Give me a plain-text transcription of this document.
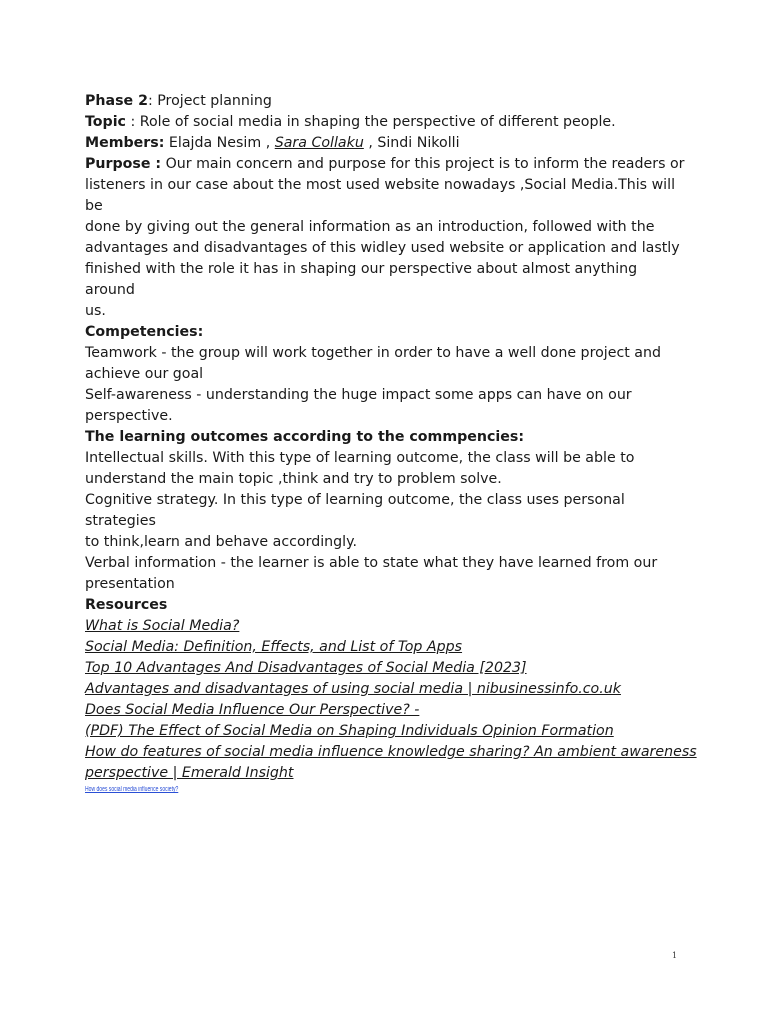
Phase 2: Project planning

Topic : Role of social media in shaping the perspective of different people.

Members: Elajda Nesim , Sara Collaku , Sindi Nikolli

Purpose : Our main concern and purpose for this project is to inform the readers or

listeners in our case about the most used website nowadays ,Social Media.This will be

done by giving out the general information as an introduction, followed with the

advantages and disadvantages of this widley used website or application and lastly

finished with the role it has in shaping our perspective about almost anything around

us.

Competencies:

Teamwork - the group will work together in order to have a well done project and

achieve our goal

Self-awareness - understanding the huge impact some apps can have on our

perspective.

The learning outcomes according to the commpencies:

Intellectual skills. With this type of learning outcome, the class will be able to

understand the main topic ,think and try to problem solve.

Cognitive strategy. In this type of learning outcome, the class uses personal strategies

to think,learn and behave accordingly.

Verbal information - the learner is able to state what they have learned from our

presentation

Resources

What is Social Media?

Social Media: Definition, Effects, and List of Top Apps

Top 10 Advantages And Disadvantages of Social Media [2023]

Advantages and disadvantages of using social media | nibusinessinfo.co.uk

Does Social Media Influence Our Perspective? -

(PDF) The Effect of Social Media on Shaping Individuals Opinion Formation

How do features of social media influence knowledge sharing? An ambient awareness

perspective | Emerald Insight

How does social media influence society?
1
